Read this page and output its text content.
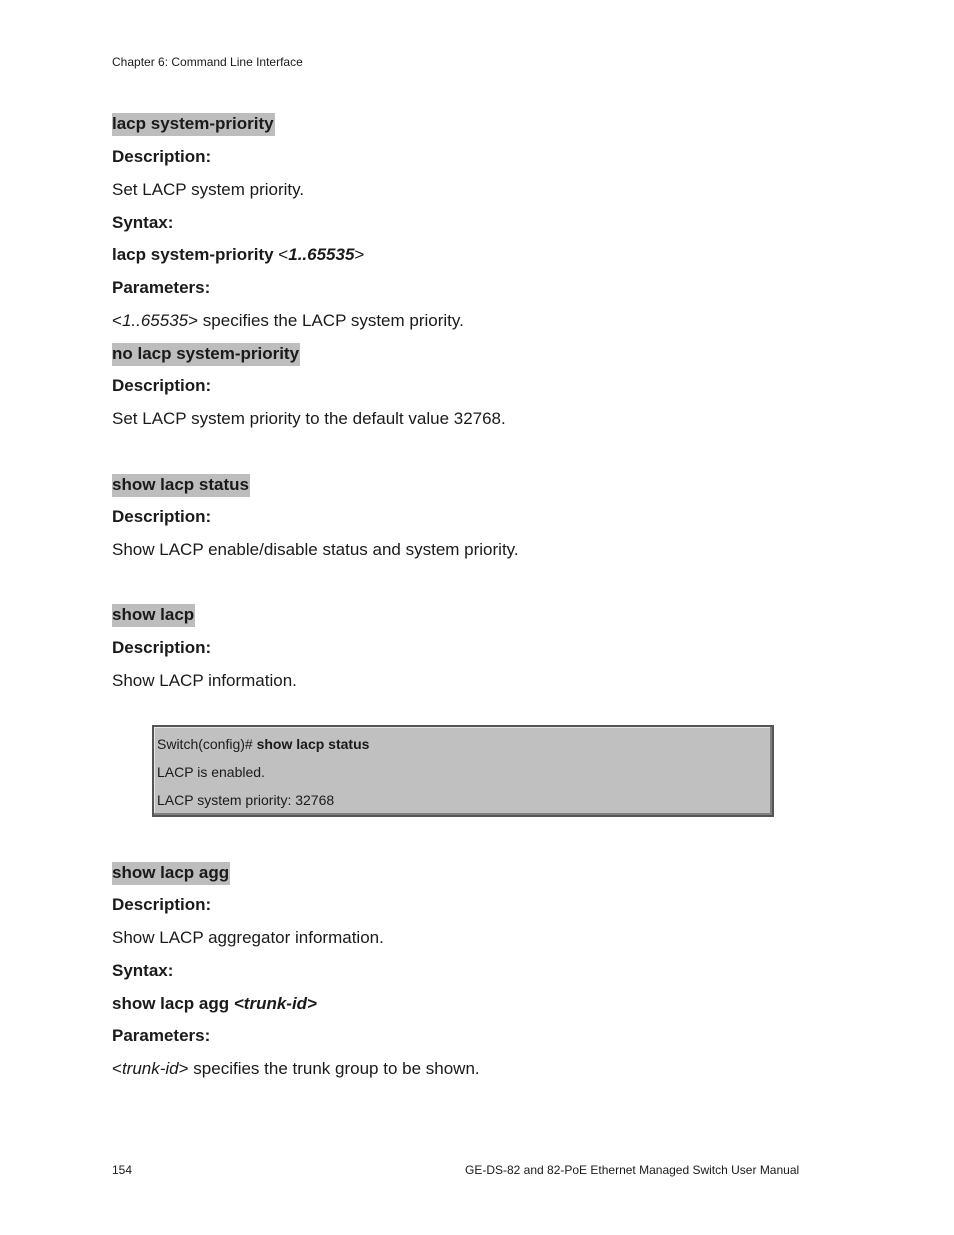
Chapter 6: Command Line Interface
lacp system-priority
Description:
Set LACP system priority.
Syntax:
lacp system-priority <1..65535>
Parameters:
<1..65535> specifies the LACP system priority.
no lacp system-priority
Description:
Set LACP system priority to the default value 32768.
show lacp status
Description:
Show LACP enable/disable status and system priority.
show lacp
Description:
Show LACP information.
Switch(config)# show lacp status
LACP is enabled.
LACP system priority: 32768
show lacp agg
Description:
Show LACP aggregator information.
Syntax:
show lacp agg <trunk-id>
Parameters:
<trunk-id> specifies the trunk group to be shown.
154	GE-DS-82 and 82-PoE Ethernet Managed Switch User Manual
